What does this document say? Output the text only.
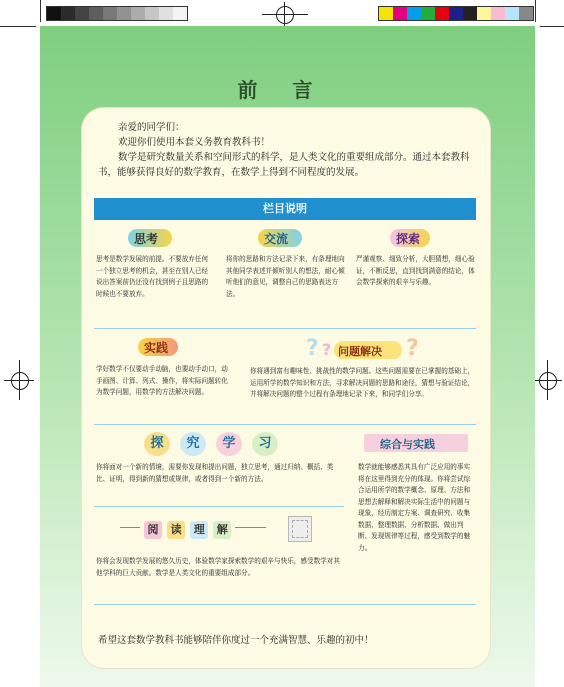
前 言

亲爱的同学们：

欢迎你们使用本套义务教育教科书！

数学是研究数量关系和空间形式的科学，是人类文化的重要组成部分。通过本套教科书，能够获得良好的数学教育，在数学上得到不同程度的发展。

栏目说明
思考
思考是数学发展的前提。不要放弃任何一个独立思考的机会，甚至在别人已经说出答案前仍还没有找到例子且思路的时候也不要放弃。
交流
将你的思路和方法记录下来，有条理地向其他同学表述并倾听别人的想法，耐心倾听他们的意见，调整自己的思路表达方法。
探索
严谨观察、细致分析，大胆猜想，细心验证，不断反思，直到找到满意的结论，体会数学探索的艰辛与乐趣。
实践
学好数学不仅要动手动脑，也要动手动口，动手画图、计算、列式、操作，将实际问题转化为数学问题，用数学的方法解决问题。
? ?	?
问题解决
你将遇到富有趣味性、挑战性的数学问题。这些问题需要在已掌握的基础上，运用所学的数学知识和方法，寻求解决问题的思路和途径，猜想与验证结论，并将解决问题的整个过程有条理地记录下来，和同学们分享。
探 究 学 习
你将面对一个新的情境，需要你发现和提出问题，独立思考，通过归纳、概括、类比、证明，得到新的猜想或规律，或者得到一个新的方法。
综合与实践
数学就能够感悉其具有广泛应用的事实将在这里得到充分的体现。你将尝试综合运用所学的数学概念、原理、方法和思想去解释和解决实际生活中的问题与现象，经历制定方案、调查研究、收集数据、整理数据、分析数据、做出判断、发现规律等过程，感受到数学的魅力。
阅 读 理 解
你将会发现数学发展的悠久历史，体验数学家探索数学的艰辛与快乐，感受数学对其他学科的巨大贡献。数学是人类文化的重要组成部分。
希望这套数学教科书能够陪伴你度过一个充满智慧、乐趣的初中！
